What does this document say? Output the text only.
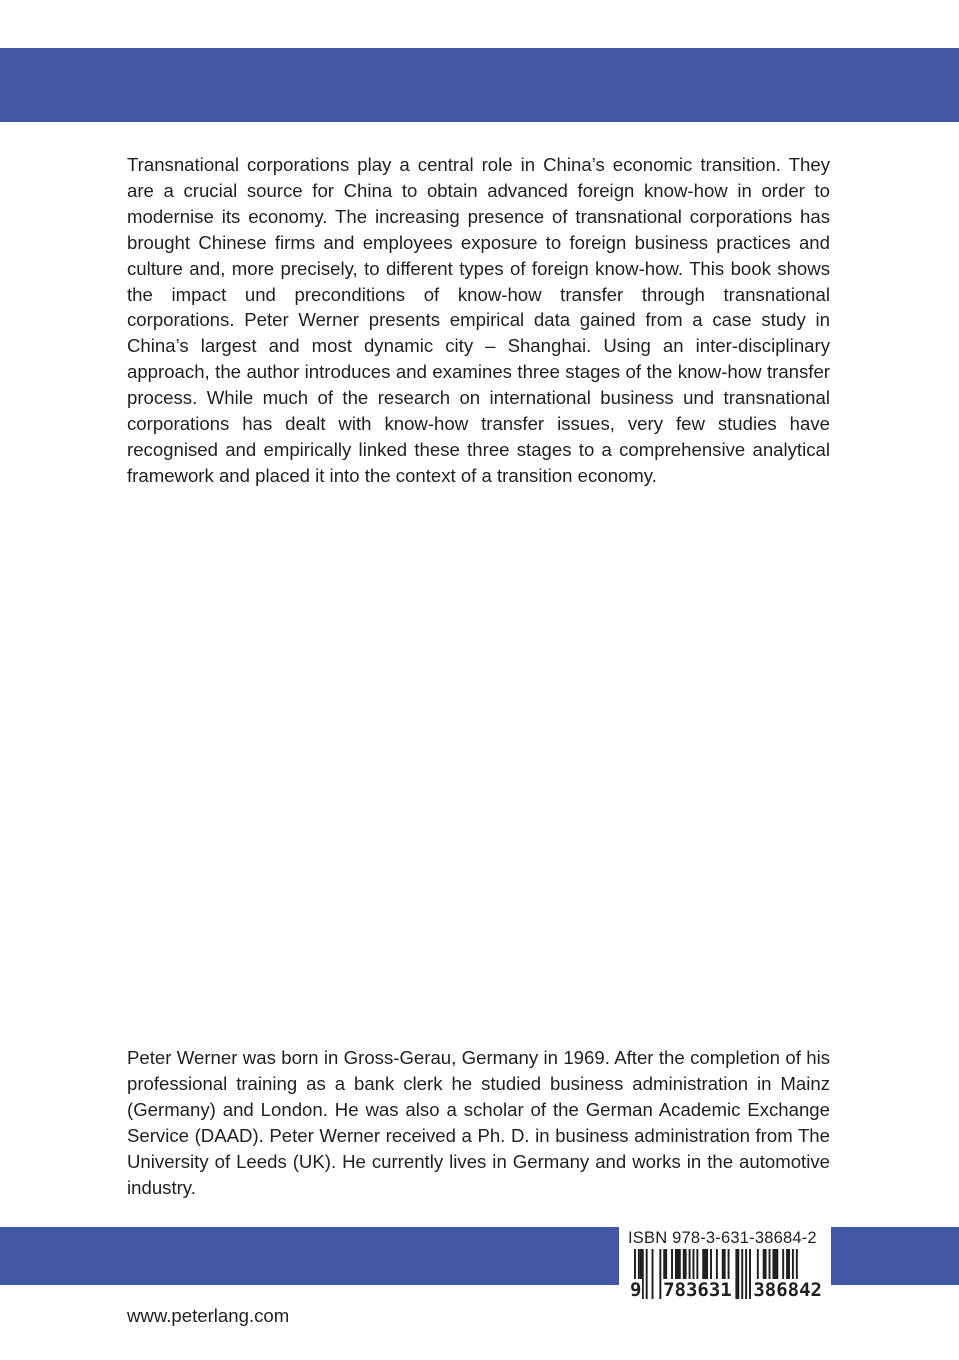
Transnational corporations play a central role in China’s economic transition. They are a crucial source for China to obtain advanced foreign know-how in order to modernise its economy. The increasing presence of transnational corporations has brought Chinese firms and employees exposure to foreign business practices and culture and, more precisely, to different types of foreign know-how. This book shows the impact und preconditions of know-how transfer through transnational corporations. Peter Werner presents empirical data gained from a case study in China’s largest and most dynamic city – Shanghai. Using an inter-disciplinary approach, the author introduces and examines three stages of the know-how transfer process. While much of the research on international business und transnational corporations has dealt with know-how transfer issues, very few studies have recognised and empirically linked these three stages to a comprehensive analytical framework and placed it into the context of a transition economy.

Peter Werner was born in Gross-Gerau, Germany in 1969. After the completion of his professional training as a bank clerk he studied business administration in Mainz (Germany) and London. He was also a scholar of the German Academic Exchange Service (DAAD). Peter Werner received a Ph. D. in business administration from The University of Leeds (UK). He currently lives in Germany and works in the automotive industry.

ISBN 978-3-631-38684-2
9 783631 386842
www.peterlang.com
